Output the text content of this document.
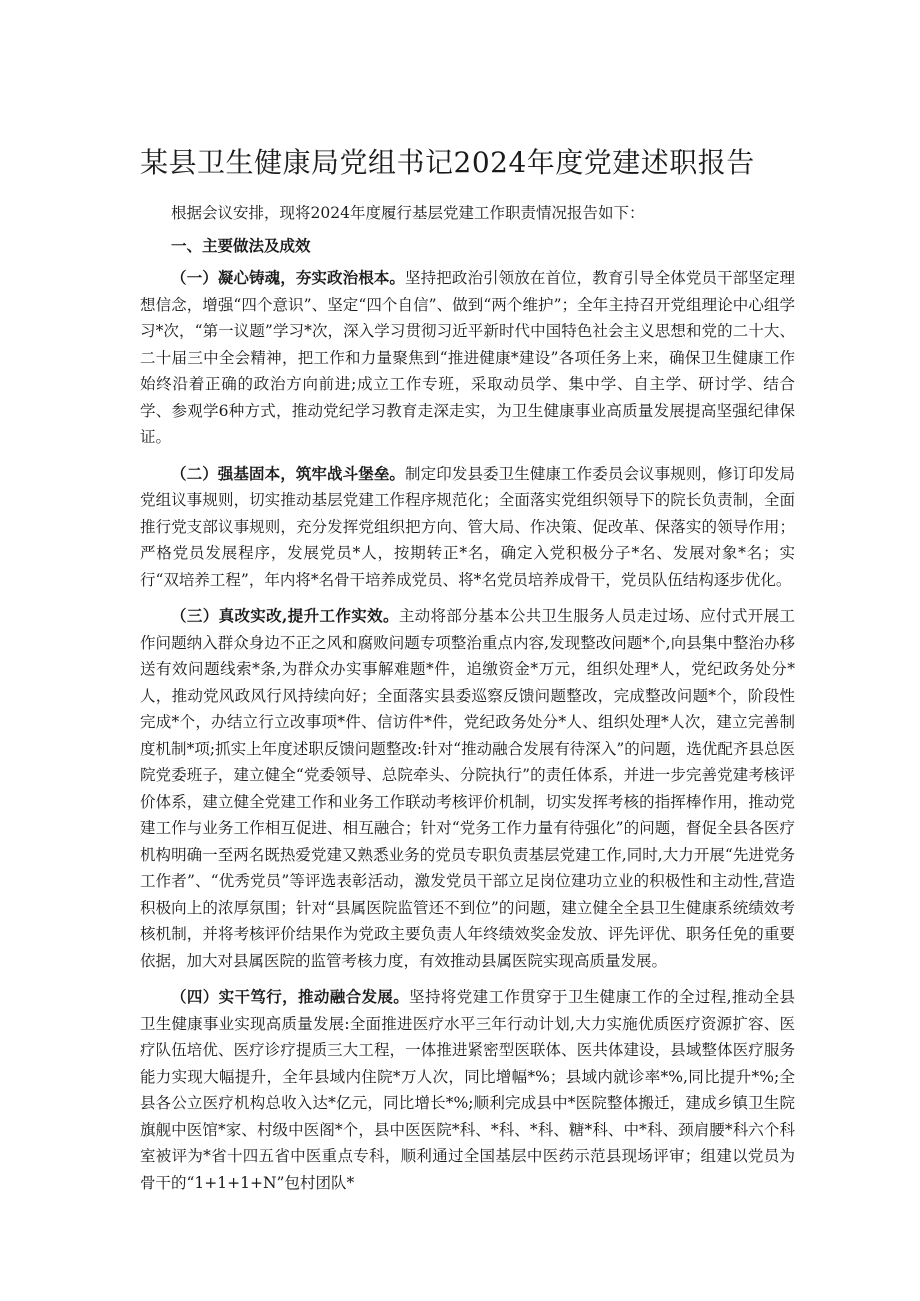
某县卫生健康局党组书记2024年度党建述职报告

根据会议安排，现将2024年度履行基层党建工作职责情况报告如下：

一、主要做法及成效

（一）凝心铸魂，夯实政治根本。坚持把政治引领放在首位，教育引导全体党员干部坚定理想信念，增强“四个意识”、坚定“四个自信”、做到“两个维护”；全年主持召开党组理论中心组学习*次，“第一议题”学习*次，深入学习贯彻习近平新时代中国特色社会主义思想和党的二十大、二十届三中全会精神，把工作和力量聚焦到“推进健康*建设”各项任务上来，确保卫生健康工作始终沿着正确的政治方向前进;成立工作专班，采取动员学、集中学、自主学、研讨学、结合学、参观学6种方式，推动党纪学习教育走深走实，为卫生健康事业高质量发展提高坚强纪律保证。

（二）强基固本，筑牢战斗堡垒。制定印发县委卫生健康工作委员会议事规则，修订印发局党组议事规则，切实推动基层党建工作程序规范化；全面落实党组织领导下的院长负责制，全面推行党支部议事规则，充分发挥党组织把方向、管大局、作决策、促改革、保落实的领导作用；严格党员发展程序，发展党员*人，按期转正*名，确定入党积极分子*名、发展对象*名；实行“双培养工程”，年内将*名骨干培养成党员、将*名党员培养成骨干，党员队伍结构逐步优化。

（三）真改实改,提升工作实效。主动将部分基本公共卫生服务人员走过场、应付式开展工作问题纳入群众身边不正之风和腐败问题专项整治重点内容,发现整改问题*个,向县集中整治办移送有效问题线索*条,为群众办实事解难题*件，追缴资金*万元，组织处理*人，党纪政务处分*人，推动党风政风行风持续向好；全面落实县委巡察反馈问题整改，完成整改问题*个，阶段性完成*个，办结立行立改事项*件、信访件*件，党纪政务处分*人、组织处理*人次，建立完善制度机制*项;抓实上年度述职反馈问题整改:针对“推动融合发展有待深入”的问题，选优配齐县总医院党委班子，建立健全“党委领导、总院牵头、分院执行”的责任体系，并进一步完善党建考核评价体系，建立健全党建工作和业务工作联动考核评价机制，切实发挥考核的指挥棒作用，推动党建工作与业务工作相互促进、相互融合；针对“党务工作力量有待强化”的问题，督促全县各医疗机构明确一至两名既热爱党建又熟悉业务的党员专职负责基层党建工作,同时,大力开展“先进党务工作者”、“优秀党员”等评选表彰活动，激发党员干部立足岗位建功立业的积极性和主动性,营造积极向上的浓厚氛围；针对“县属医院监管还不到位”的问题，建立健全全县卫生健康系统绩效考核机制，并将考核评价结果作为党政主要负责人年终绩效奖金发放、评先评优、职务任免的重要依据，加大对县属医院的监管考核力度，有效推动县属医院实现高质量发展。

（四）实干笃行，推动融合发展。坚持将党建工作贯穿于卫生健康工作的全过程,推动全县卫生健康事业实现高质量发展:全面推进医疗水平三年行动计划,大力实施优质医疗资源扩容、医疗队伍培优、医疗诊疗提质三大工程，一体推进紧密型医联体、医共体建设，县域整体医疗服务能力实现大幅提升，全年县域内住院*万人次，同比增幅*%；县域内就诊率*%,同比提升*%;全县各公立医疗机构总收入达*亿元，同比增长*%;顺利完成县中*医院整体搬迁，建成乡镇卫生院旗舰中医馆*家、村级中医阁*个，县中医医院*科、*科、*科、糖*科、中*科、颈肩腰*科六个科室被评为*省十四五省中医重点专科，顺利通过全国基层中医药示范县现场评审；组建以党员为骨干的“1+1+1+N”包村团队*
